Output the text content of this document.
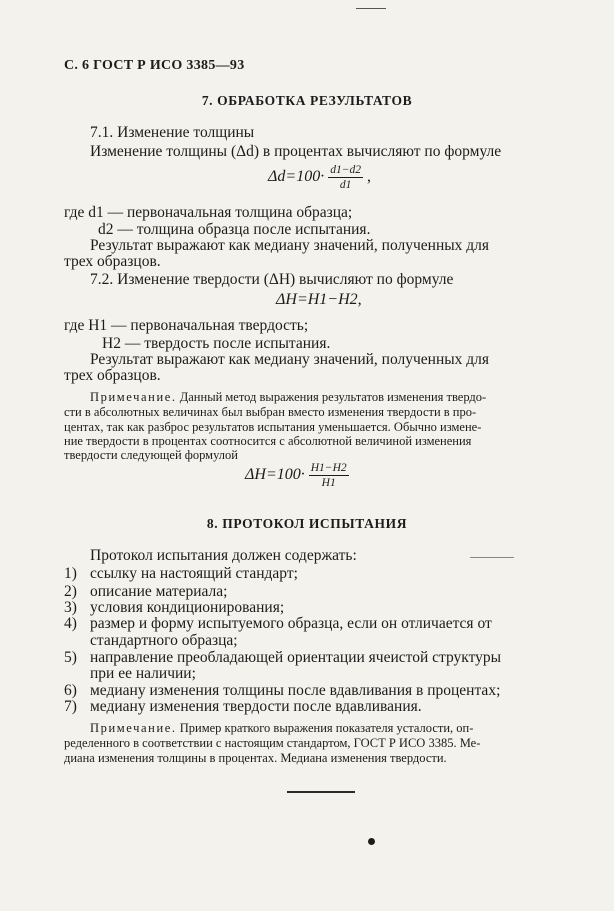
С. 6 ГОСТ Р ИСО 3385—93
7. ОБРАБОТКА РЕЗУЛЬТАТОВ
7.1. Изменение толщины
Изменение толщины (Δd) в процентах вычисляют по формуле
$\Delta d=100\cdot \frac{d1-d2}{d1}$ ,
где d1 — первоначальная толщина образца;
d2 — толщина образца после испытания.
Результат выражают как медиану значений, полученных для
трех образцов.
7.2. Изменение твердости (ΔH) вычисляют по формуле
ΔH=H1−H2,
где H1 — первоначальная твердость;
H2 — твердость после испытания.
Результат выражают как медиану значений, полученных для
трех образцов.
Примечание. Данный метод выражения результатов изменения твердо-
сти в абсолютных величинах был выбран вместо изменения твердости в про-
центах, так как разброс результатов испытания уменьшается. Обычно измене-
ние твердости в процентах соотносится с абсолютной величиной изменения
твердости следующей формулой
$\Delta H=100\cdot \frac{H1-H2}{H1}$
8. ПРОТОКОЛ ИСПЫТАНИЯ
Протокол испытания должен содержать:
1) ссылку на настоящий стандарт;
2) описание материала;
3) условия кондиционирования;
4) размер и форму испытуемого образца, если он отличается от
стандартного образца;
5) направление преобладающей ориентации ячеистой структуры
при ее наличии;
6) медиану изменения толщины после вдавливания в процентах;
7) медиану изменения твердости после вдавливания.
Примечание. Пример краткого выражения показателя усталости, оп-
ределенного в соответствии с настоящим стандартом, ГОСТ Р ИСО 3385. Ме-
диана изменения толщины в процентах. Медиана изменения твердости.
